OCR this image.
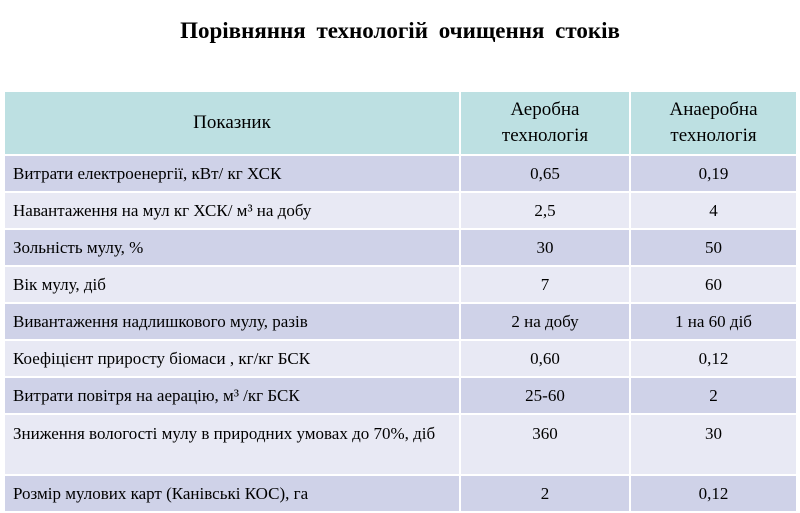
Порівняння технологій очищення стоків
Показник	Аеробна технологія	Анаеробна технологія
Витрати електроенергії, кВт/ кг ХСК	0,65	0,19
Навантаження на мул кг ХСК/ м³ на добу	2,5	4
Зольність мулу, %	30	50
Вік мулу, діб	7	60
Вивантаження надлишкового мулу, разів	2 на добу	1 на 60 діб
Коефіцієнт приросту біомаси , кг/кг БСК	0,60	0,12
Витрати повітря на аерацію, м³ /кг БСК	25-60	2
Зниження вологості мулу в природних умовах до 70%, діб	360	30
Розмір мулових карт (Канівські КОС), га	2	0,12
